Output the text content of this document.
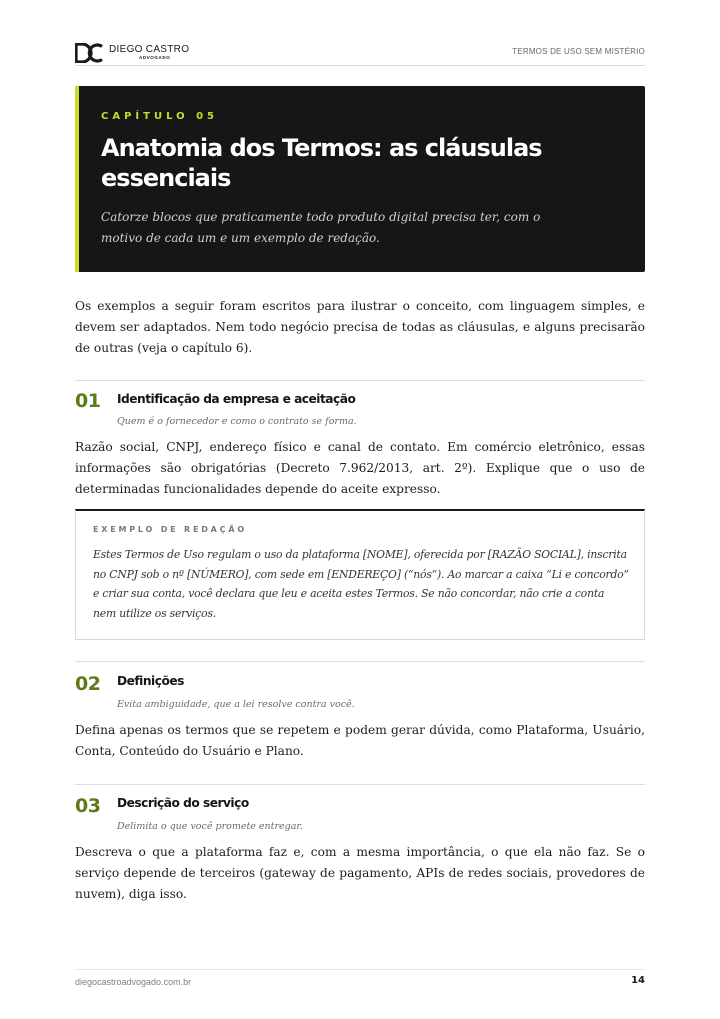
DIEGO CASTRO
ADVOGADO
TERMOS DE USO SEM MISTÉRIO
CAPÍTULO 05
Anatomia dos Termos: as cláusulas essenciais
Catorze blocos que praticamente todo produto digital precisa ter, com o motivo de cada um e um exemplo de redação.

Os exemplos a seguir foram escritos para ilustrar o conceito, com linguagem simples, e devem ser adaptados. Nem todo negócio precisa de todas as cláusulas, e alguns precisarão de outras (veja o capítulo 6).

01 Identificação da empresa e aceitação
Quem é o fornecedor e como o contrato se forma.

Razão social, CNPJ, endereço físico e canal de contato. Em comércio eletrônico, essas informações são obrigatórias (Decreto 7.962/2013, art. 2º). Explique que o uso de determinadas funcionalidades depende do aceite expresso.

EXEMPLO DE REDAÇÃO
Estes Termos de Uso regulam o uso da plataforma [NOME], oferecida por [RAZÃO SOCIAL], inscrita no CNPJ sob o nº [NÚMERO], com sede em [ENDEREÇO] (“nós“). Ao marcar a caixa “Li e concordo” e criar sua conta, você declara que leu e aceita estes Termos. Se não concordar, não crie a conta nem utilize os serviços.
02 Definições
Evita ambiguidade, que a lei resolve contra você.

Defina apenas os termos que se repetem e podem gerar dúvida, como Plataforma, Usuário, Conta, Conteúdo do Usuário e Plano.

03 Descrição do serviço
Delimita o que você promete entregar.

Descreva o que a plataforma faz e, com a mesma importância, o que ela não faz. Se o serviço depende de terceiros (gateway de pagamento, APIs de redes sociais, provedores de nuvem), diga isso.

diegocastroadvogado.com.br	14
